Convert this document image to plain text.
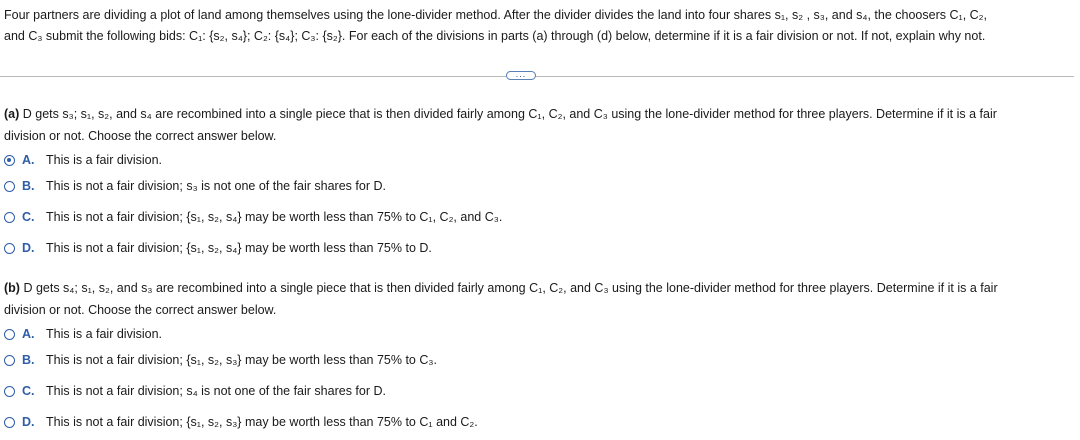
Four partners are dividing a plot of land among themselves using the lone-divider method. After the divider divides the land into four shares s₁, s₂ , s₃, and s₄, the choosers C₁, C₂,
and C₃ submit the following bids: C₁: {s₂, s₄}; C₂: {s₄}; C₃: {s₂}. For each of the divisions in parts (a) through (d) below, determine if it is a fair division or not. If not, explain why not.
...
(a) D gets s₃; s₁, s₂, and s₄ are recombined into a single piece that is then divided fairly among C₁, C₂, and C₃ using the lone-divider method for three players. Determine if it is a fair
division or not. Choose the correct answer below.
A. This is a fair division.
B. This is not a fair division; s₃ is not one of the fair shares for D.
C. This is not a fair division; {s₁, s₂, s₄} may be worth less than 75% to C₁, C₂, and C₃.
D. This is not a fair division; {s₁, s₂, s₄} may be worth less than 75% to D.
(b) D gets s₄; s₁, s₂, and s₃ are recombined into a single piece that is then divided fairly among C₁, C₂, and C₃ using the lone-divider method for three players. Determine if it is a fair
division or not. Choose the correct answer below.
A. This is a fair division.
B. This is not a fair division; {s₁, s₂, s₃} may be worth less than 75% to C₃.
C. This is not a fair division; s₄ is not one of the fair shares for D.
D. This is not a fair division; {s₁, s₂, s₃} may be worth less than 75% to C₁ and C₂.
